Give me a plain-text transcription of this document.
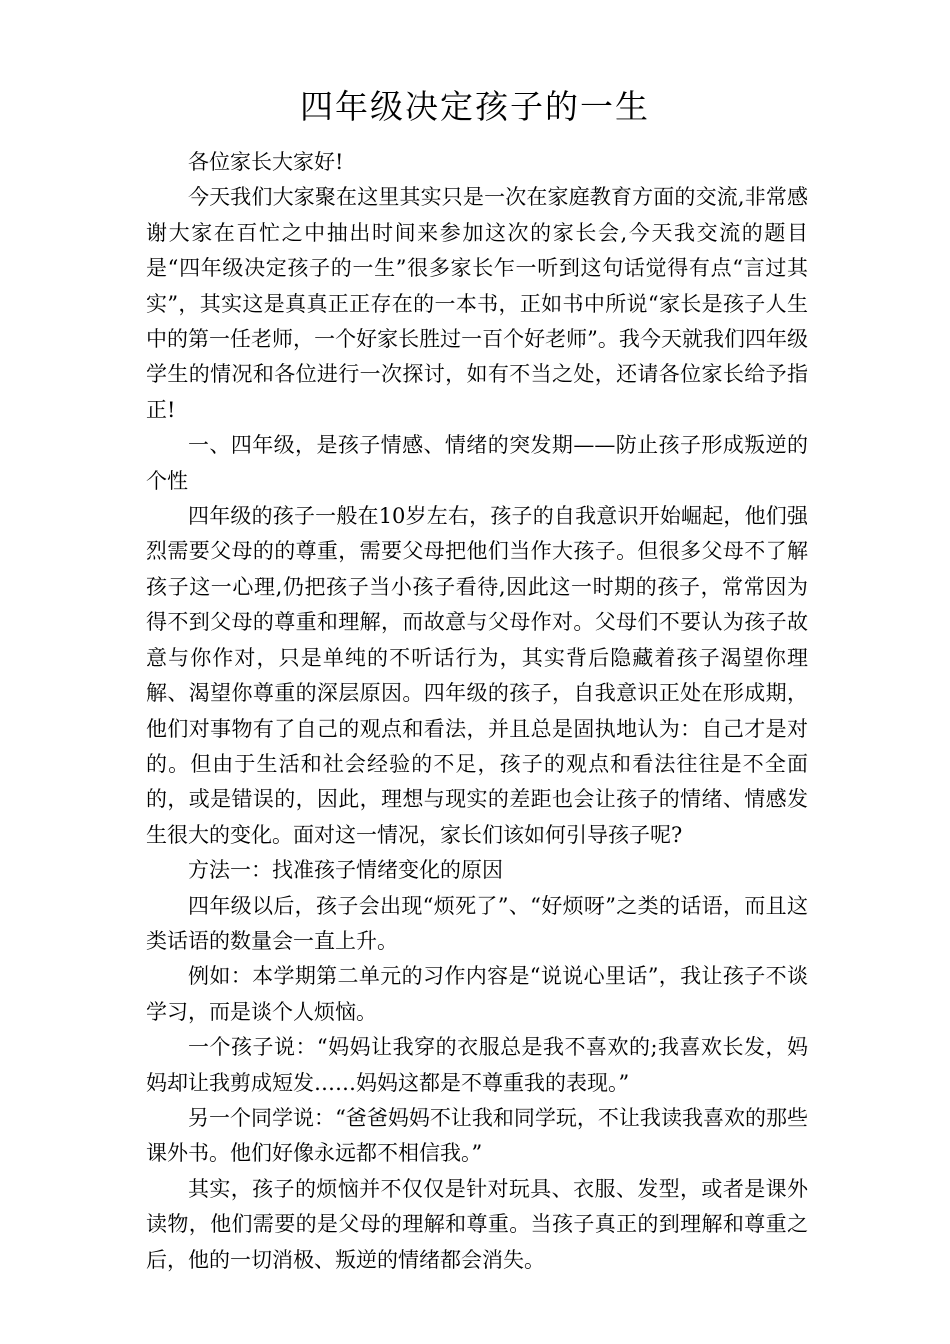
四年级决定孩子的一生

各位家长大家好!

今天我们大家聚在这里其实只是一次在家庭教育方面的交流,非常感谢大家在百忙之中抽出时间来参加这次的家长会,今天我交流的题目是“四年级决定孩子的一生”很多家长乍一听到这句话觉得有点“言过其实”，其实这是真真正正存在的一本书，正如书中所说“家长是孩子人生中的第一任老师，一个好家长胜过一百个好老师”。我今天就我们四年级学生的情况和各位进行一次探讨，如有不当之处，还请各位家长给予指正!

一、四年级，是孩子情感、情绪的突发期——防止孩子形成叛逆的个性

四年级的孩子一般在10岁左右，孩子的自我意识开始崛起，他们强烈需要父母的的尊重，需要父母把他们当作大孩子。但很多父母不了解孩子这一心理,仍把孩子当小孩子看待,因此这一时期的孩子，常常因为得不到父母的尊重和理解，而故意与父母作对。父母们不要认为孩子故意与你作对，只是单纯的不听话行为，其实背后隐藏着孩子渴望你理解、渴望你尊重的深层原因。四年级的孩子，自我意识正处在形成期，他们对事物有了自己的观点和看法，并且总是固执地认为：自己才是对的。但由于生活和社会经验的不足，孩子的观点和看法往往是不全面的，或是错误的，因此，理想与现实的差距也会让孩子的情绪、情感发生很大的变化。面对这一情况，家长们该如何引导孩子呢?

方法一：找准孩子情绪变化的原因

四年级以后，孩子会出现“烦死了”、“好烦呀”之类的话语，而且这类话语的数量会一直上升。

例如：本学期第二单元的习作内容是“说说心里话”，我让孩子不谈学习，而是谈个人烦恼。

一个孩子说：“妈妈让我穿的衣服总是我不喜欢的;我喜欢长发，妈妈却让我剪成短发……妈妈这都是不尊重我的表现。”

另一个同学说：“爸爸妈妈不让我和同学玩，不让我读我喜欢的那些课外书。他们好像永远都不相信我。”

其实，孩子的烦恼并不仅仅是针对玩具、衣服、发型，或者是课外读物，他们需要的是父母的理解和尊重。当孩子真正的到理解和尊重之后，他的一切消极、叛逆的情绪都会消失。
